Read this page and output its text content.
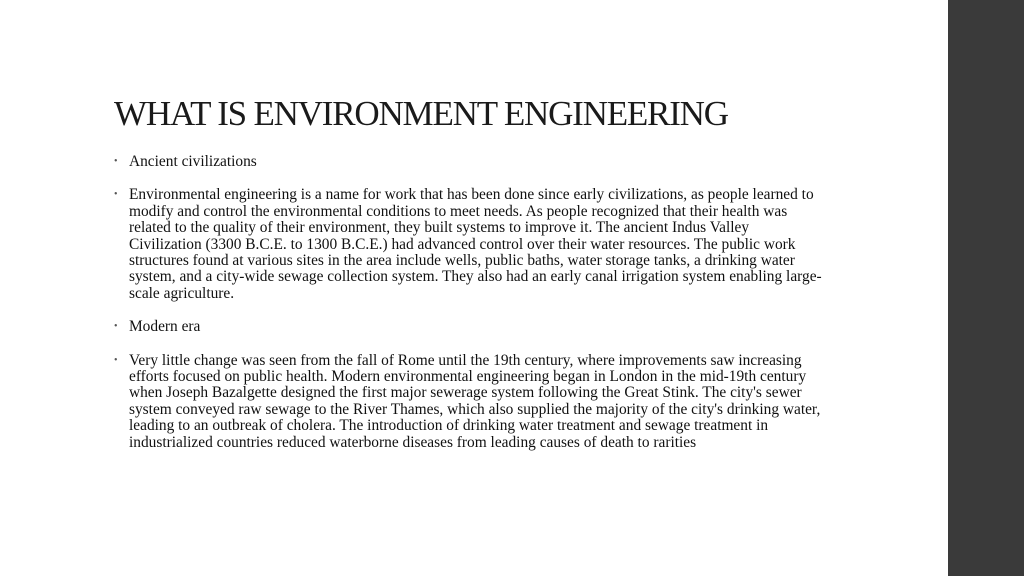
WHAT IS ENVIRONMENT ENGINEERING
• Ancient civilizations
• Environmental engineering is a name for work that has been done since early civilizations, as people learned to modify and control the environmental conditions to meet needs. As people recognized that their health was related to the quality of their environment, they built systems to improve it. The ancient Indus Valley Civilization (3300 B.C.E. to 1300 B.C.E.) had advanced control over their water resources. The public work structures found at various sites in the area include wells, public baths, water storage tanks, a drinking water system, and a city-wide sewage collection system. They also had an early canal irrigation system enabling large-scale agriculture.
• Modern era
• Very little change was seen from the fall of Rome until the 19th century, where improvements saw increasing efforts focused on public health. Modern environmental engineering began in London in the mid-19th century when Joseph Bazalgette designed the first major sewerage system following the Great Stink. The city's sewer system conveyed raw sewage to the River Thames, which also supplied the majority of the city's drinking water, leading to an outbreak of cholera. The introduction of drinking water treatment and sewage treatment in industrialized countries reduced waterborne diseases from leading causes of death to rarities
